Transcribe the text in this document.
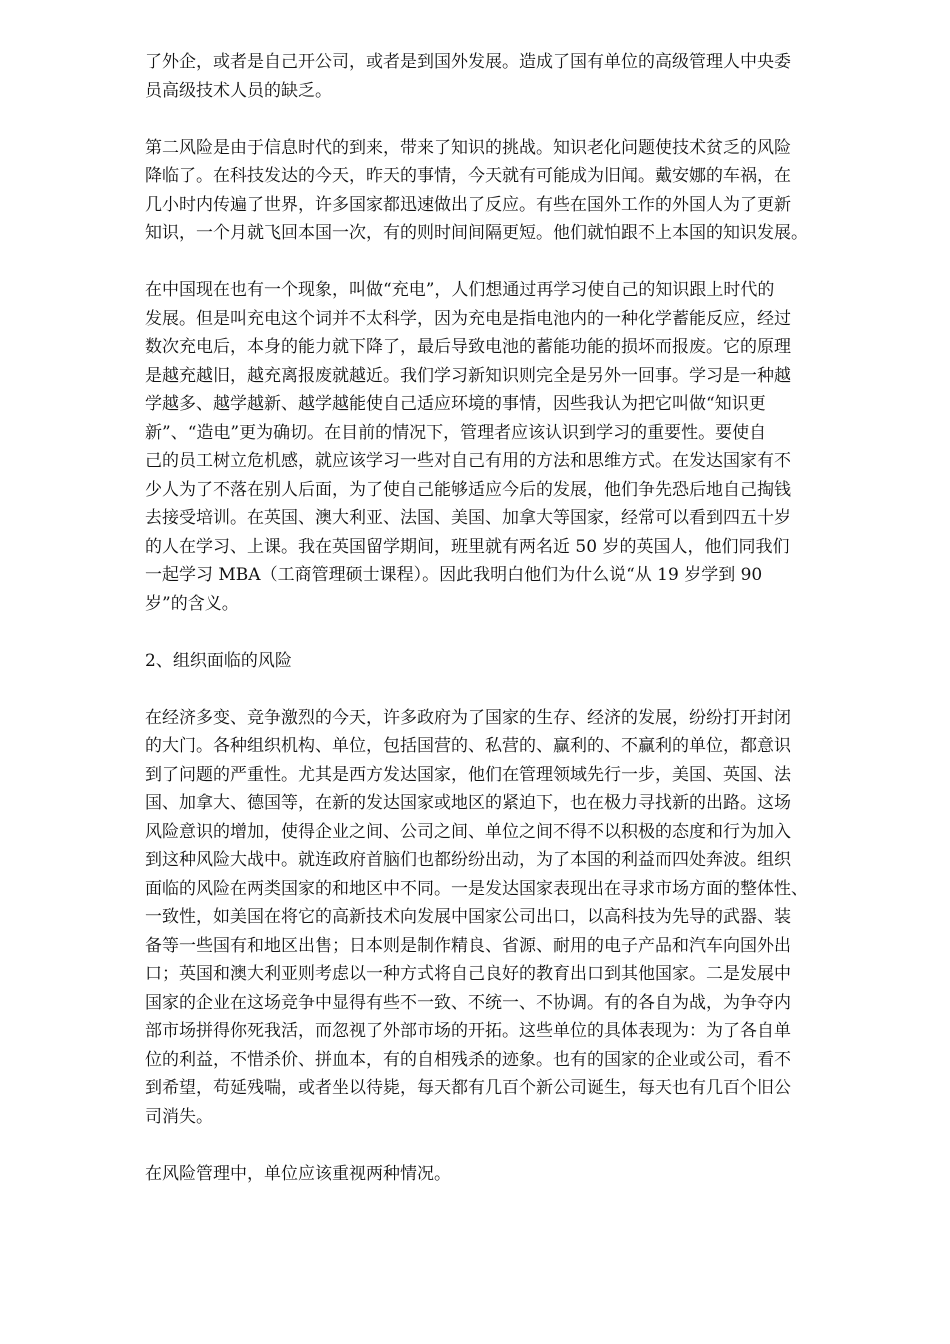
了外企，或者是自己开公司，或者是到国外发展。造成了国有单位的高级管理人中央委
员高级技术人员的缺乏。

第二风险是由于信息时代的到来，带来了知识的挑战。知识老化问题使技术贫乏的风险
降临了。在科技发达的今天，昨天的事情，今天就有可能成为旧闻。戴安娜的车祸，在
几小时内传遍了世界，许多国家都迅速做出了反应。有些在国外工作的外国人为了更新
知识，一个月就飞回本国一次，有的则时间间隔更短。他们就怕跟不上本国的知识发展。

在中国现在也有一个现象，叫做“充电”，人们想通过再学习使自己的知识跟上时代的
发展。但是叫充电这个词并不太科学，因为充电是指电池内的一种化学蓄能反应，经过
数次充电后，本身的能力就下降了，最后导致电池的蓄能功能的损坏而报废。它的原理
是越充越旧，越充离报废就越近。我们学习新知识则完全是另外一回事。学习是一种越
学越多、越学越新、越学越能使自己适应环境的事情，因些我认为把它叫做“知识更
新”、“造电”更为确切。在目前的情况下，管理者应该认识到学习的重要性。要使自
己的员工树立危机感，就应该学习一些对自己有用的方法和思维方式。在发达国家有不
少人为了不落在别人后面，为了使自己能够适应今后的发展，他们争先恐后地自己掏钱
去接受培训。在英国、澳大利亚、法国、美国、加拿大等国家，经常可以看到四五十岁
的人在学习、上课。我在英国留学期间，班里就有两名近 50 岁的英国人，他们同我们
一起学习 MBA（工商管理硕士课程）。因此我明白他们为什么说“从 19 岁学到 90
岁”的含义。

2、组织面临的风险

在经济多变、竞争激烈的今天，许多政府为了国家的生存、经济的发展，纷纷打开封闭
的大门。各种组织机构、单位，包括国营的、私营的、赢利的、不赢利的单位，都意识
到了问题的严重性。尤其是西方发达国家，他们在管理领域先行一步，美国、英国、法
国、加拿大、德国等，在新的发达国家或地区的紧迫下，也在极力寻找新的出路。这场
风险意识的增加，使得企业之间、公司之间、单位之间不得不以积极的态度和行为加入
到这种风险大战中。就连政府首脑们也都纷纷出动，为了本国的利益而四处奔波。组织
面临的风险在两类国家的和地区中不同。一是发达国家表现出在寻求市场方面的整体性、
一致性，如美国在将它的高新技术向发展中国家公司出口，以高科技为先导的武器、装
备等一些国有和地区出售；日本则是制作精良、省源、耐用的电子产品和汽车向国外出
口；英国和澳大利亚则考虑以一种方式将自己良好的教育出口到其他国家。二是发展中
国家的企业在这场竞争中显得有些不一致、不统一、不协调。有的各自为战，为争夺内
部市场拼得你死我活，而忽视了外部市场的开拓。这些单位的具体表现为：为了各自单
位的利益，不惜杀价、拼血本，有的自相残杀的迹象。也有的国家的企业或公司，看不
到希望，苟延残喘，或者坐以待毙，每天都有几百个新公司诞生，每天也有几百个旧公
司消失。

在风险管理中，单位应该重视两种情况。
